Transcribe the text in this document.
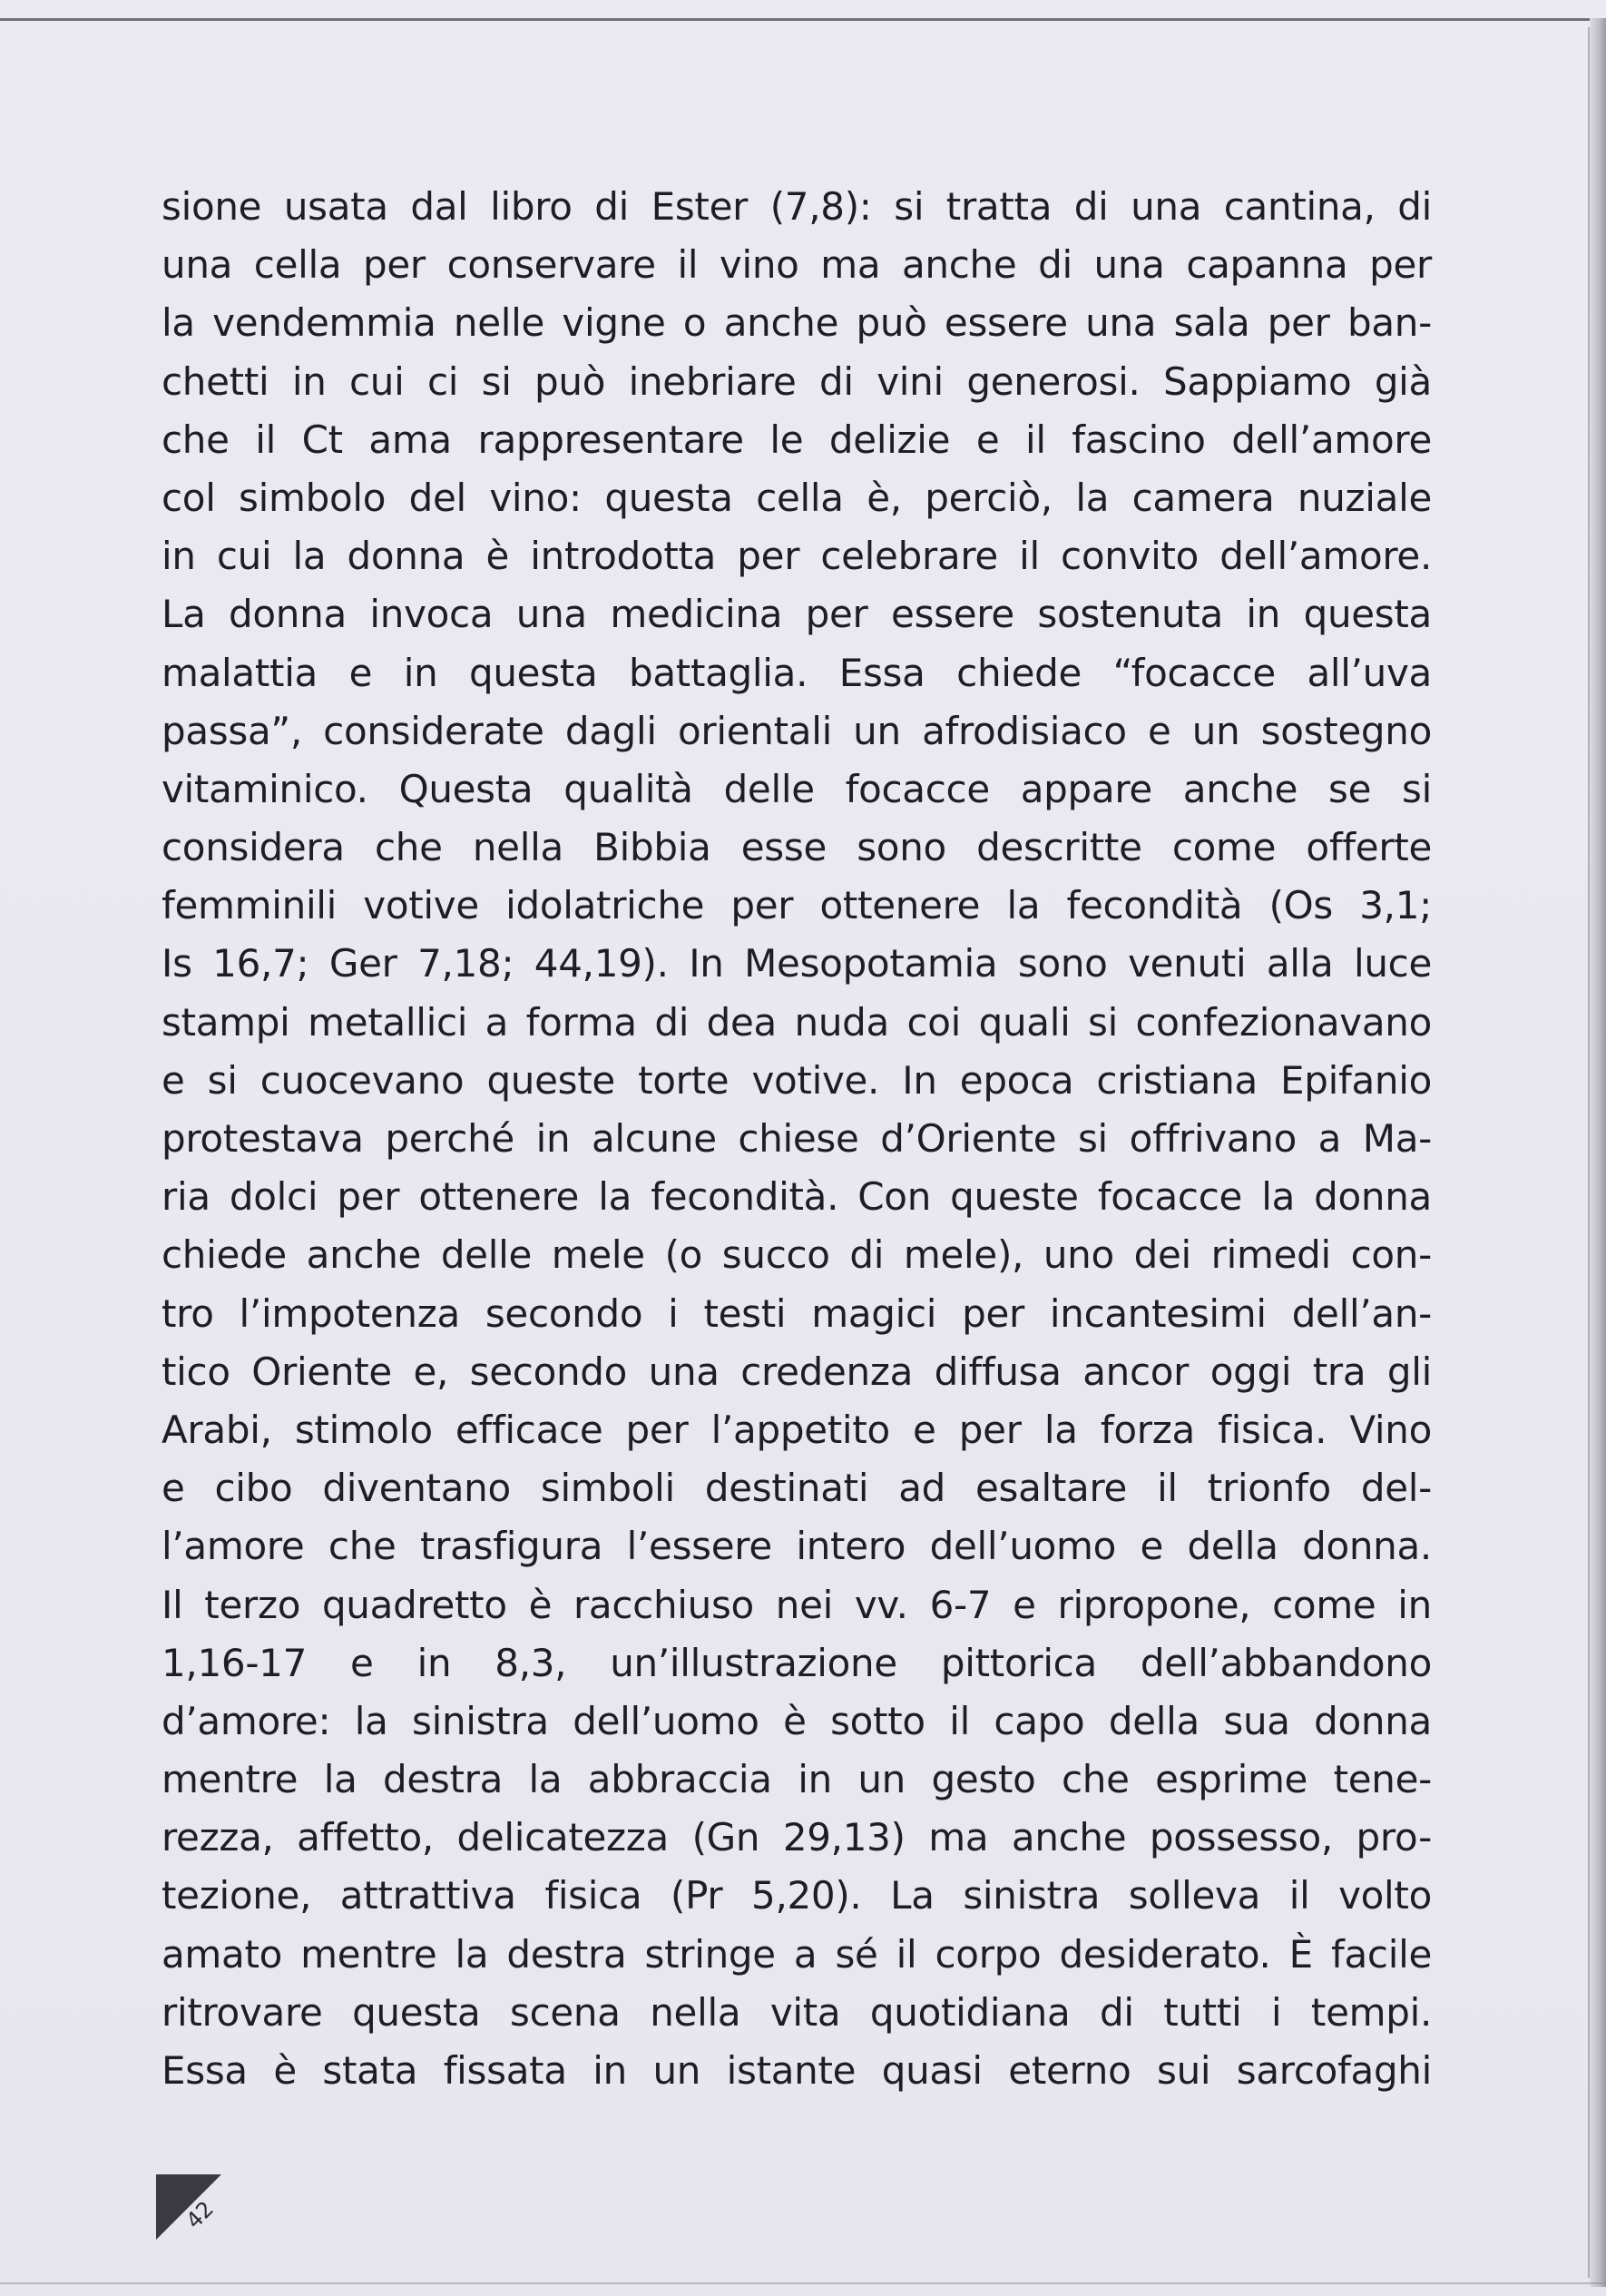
sione usata dal libro di Ester (7,8): si tratta di una cantina, di
una cella per conservare il vino ma anche di una capanna per
la vendemmia nelle vigne o anche può essere una sala per ban-
chetti in cui ci si può inebriare di vini generosi. Sappiamo già
che il Ct ama rappresentare le delizie e il fascino dell’amore
col simbolo del vino: questa cella è, perciò, la camera nuziale
in cui la donna è introdotta per celebrare il convito dell’amore.
La donna invoca una medicina per essere sostenuta in questa
malattia e in questa battaglia. Essa chiede “focacce all’uva
passa”, considerate dagli orientali un afrodisiaco e un sostegno
vitaminico. Questa qualità delle focacce appare anche se si
considera che nella Bibbia esse sono descritte come offerte
femminili votive idolatriche per ottenere la fecondità (Os 3,1;
Is 16,7; Ger 7,18; 44,19). In Mesopotamia sono venuti alla luce
stampi metallici a forma di dea nuda coi quali si confezionavano
e si cuocevano queste torte votive. In epoca cristiana Epifanio
protestava perché in alcune chiese d’Oriente si offrivano a Ma-
ria dolci per ottenere la fecondità. Con queste focacce la donna
chiede anche delle mele (o succo di mele), uno dei rimedi con-
tro l’impotenza secondo i testi magici per incantesimi dell’an-
tico Oriente e, secondo una credenza diffusa ancor oggi tra gli
Arabi, stimolo efficace per l’appetito e per la forza fisica. Vino
e cibo diventano simboli destinati ad esaltare il trionfo del-
l’amore che trasfigura l’essere intero dell’uomo e della donna.
Il terzo quadretto è racchiuso nei vv. 6-7 e ripropone, come in
1,16-17 e in 8,3, un’illustrazione pittorica dell’abbandono
d’amore: la sinistra dell’uomo è sotto il capo della sua donna
mentre la destra la abbraccia in un gesto che esprime tene-
rezza, affetto, delicatezza (Gn 29,13) ma anche possesso, pro-
tezione, attrattiva fisica (Pr 5,20). La sinistra solleva il volto
amato mentre la destra stringe a sé il corpo desiderato. È facile
ritrovare questa scena nella vita quotidiana di tutti i tempi.
Essa è stata fissata in un istante quasi eterno sui sarcofaghi
42
